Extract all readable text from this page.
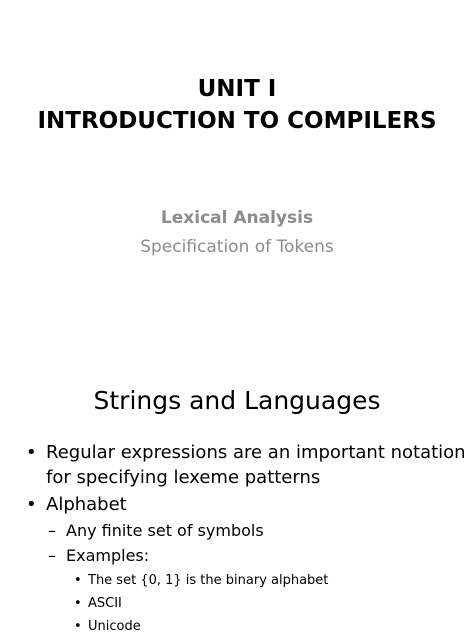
UNIT I
INTRODUCTION TO COMPILERS
Lexical Analysis
Specification of Tokens
Strings and Languages
• Regular expressions are an important notation for specifying lexeme patterns
• Alphabet
– Any finite set of symbols
– Examples:
• The set {0, 1} is the binary alphabet
• ASCII
• Unicode
